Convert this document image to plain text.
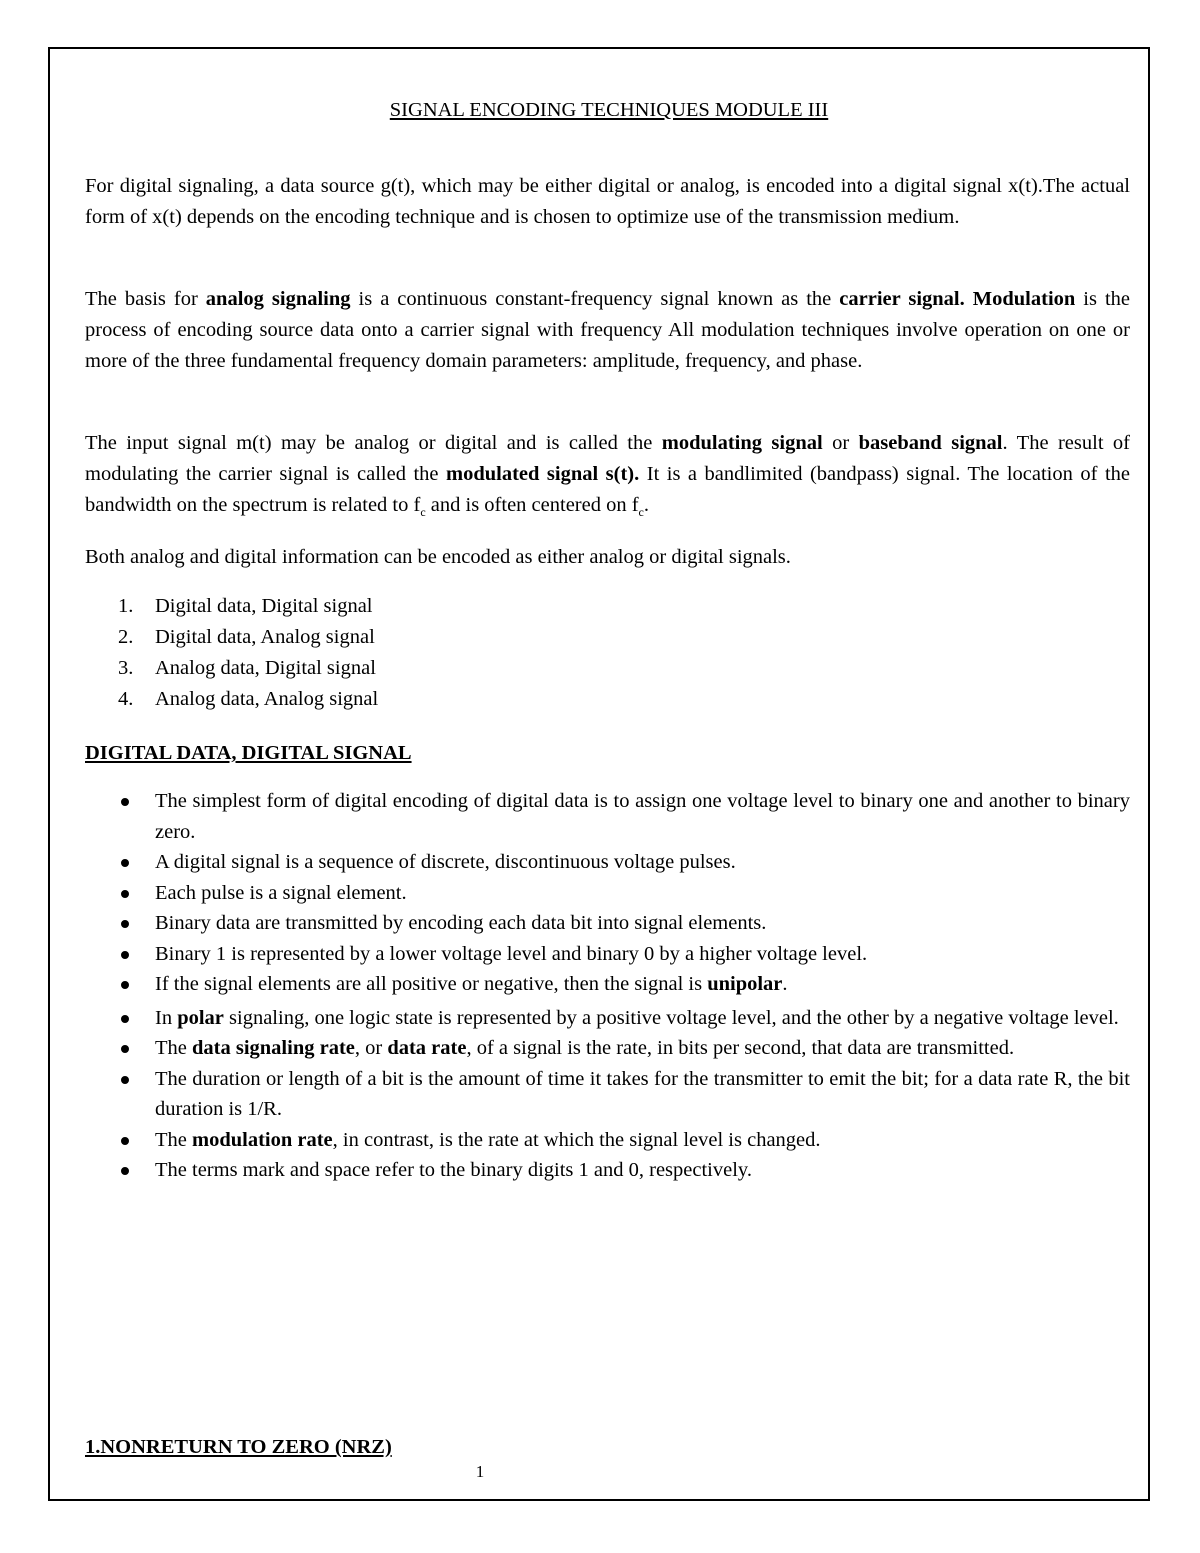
SIGNAL ENCODING TECHNIQUES MODULE III

For digital signaling, a data source g(t), which may be either digital or analog, is encoded into a digital signal x(t).The actual form of x(t) depends on the encoding technique and is chosen to optimize use of the transmission medium.

The basis for analog signaling is a continuous constant-frequency signal known as the carrier signal. Modulation is the process of encoding source data onto a carrier signal with frequency All modulation techniques involve operation on one or more of the three fundamental frequency domain parameters: amplitude, frequency, and phase.

The input signal m(t) may be analog or digital and is called the modulating signal or baseband signal. The result of modulating the carrier signal is called the modulated signal s(t). It is a bandlimited (bandpass) signal. The location of the bandwidth on the spectrum is related to $f_c$ and is often centered on $f_c$.

Both analog and digital information can be encoded as either analog or digital signals.

1. Digital data, Digital signal
2. Digital data, Analog signal
3. Analog data, Digital signal
4. Analog data, Analog signal
DIGITAL DATA, DIGITAL SIGNAL
The simplest form of digital encoding of digital data is to assign one voltage level to binary one and another to binary zero.
A digital signal is a sequence of discrete, discontinuous voltage pulses.
Each pulse is a signal element.
Binary data are transmitted by encoding each data bit into signal elements.
Binary 1 is represented by a lower voltage level and binary 0 by a higher voltage level.
If the signal elements are all positive or negative, then the signal is unipolar.
In polar signaling, one logic state is represented by a positive voltage level, and the other by a negative voltage level.
The data signaling rate, or data rate, of a signal is the rate, in bits per second, that data are transmitted.
The duration or length of a bit is the amount of time it takes for the transmitter to emit the bit; for a data rate R, the bit duration is 1/R.
The modulation rate, in contrast, is the rate at which the signal level is changed.
The terms mark and space refer to the binary digits 1 and 0, respectively.
1.NONRETURN TO ZERO (NRZ)
1
